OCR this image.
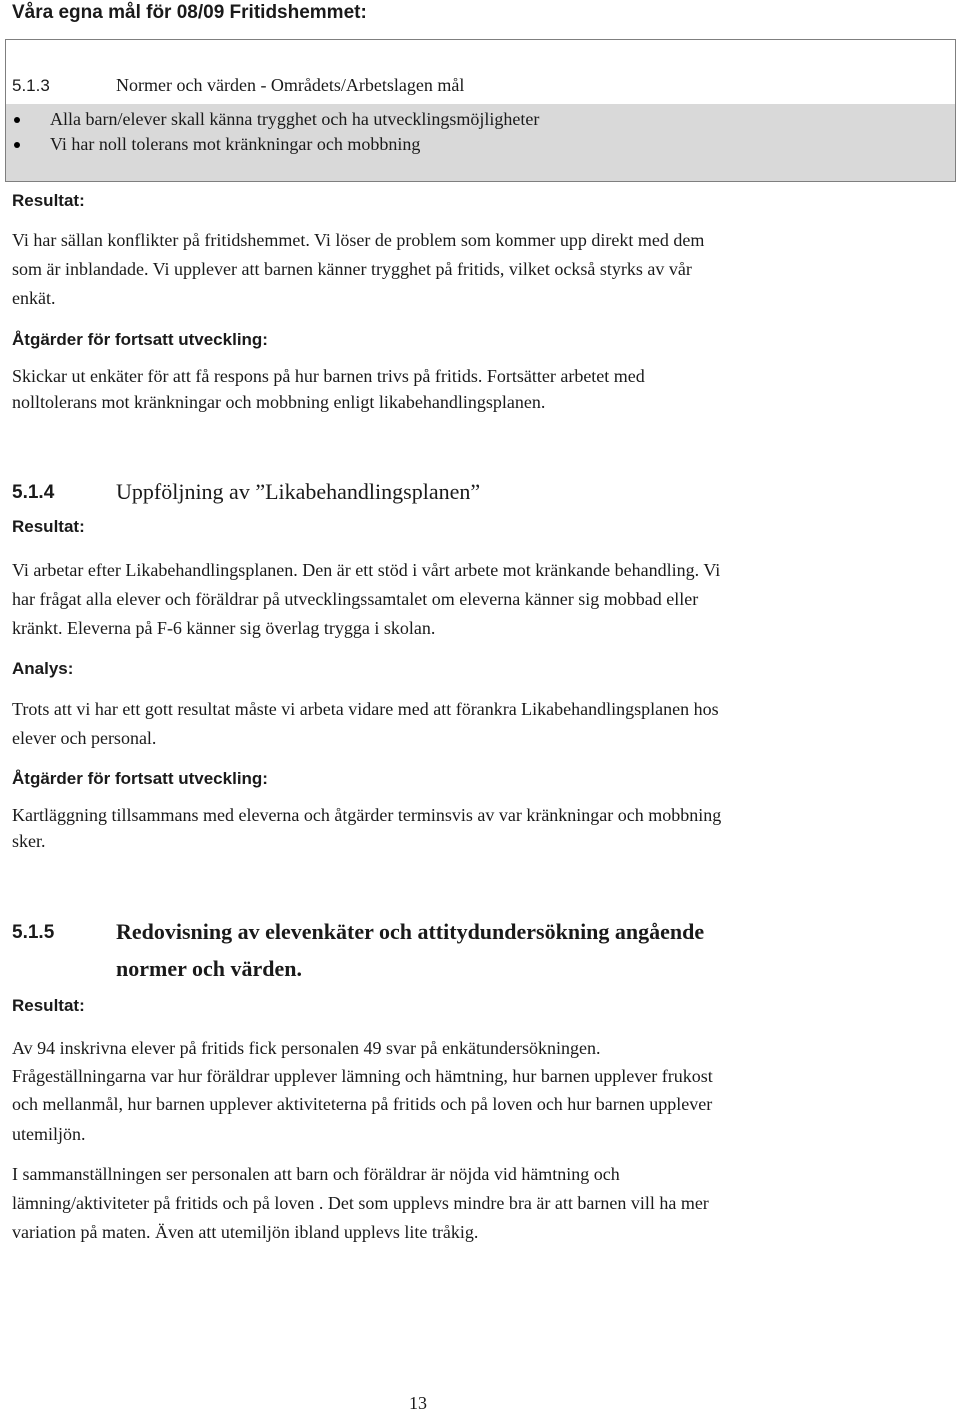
Våra egna mål för 08/09 Fritidshemmet:
5.1.3	Normer och värden - Områdets/Arbetslagen mål
Alla barn/elever skall känna trygghet och ha utvecklingsmöjligheter
Vi har noll tolerans mot kränkningar och mobbning
Resultat:
Vi har sällan konflikter på fritidshemmet. Vi löser de problem som kommer upp direkt med dem
som är inblandade. Vi upplever att barnen känner trygghet på fritids, vilket också styrks av vår
enkät.
Åtgärder för fortsatt utveckling:
Skickar ut enkäter för att få respons på hur barnen trivs på fritids. Fortsätter arbetet med
nolltolerans mot kränkningar och mobbning enligt likabehandlingsplanen.
5.1.4	Uppföljning av ”Likabehandlingsplanen”
Resultat:
Vi arbetar efter Likabehandlingsplanen. Den är ett stöd i vårt arbete mot kränkande behandling. Vi
har frågat alla elever och föräldrar på utvecklingssamtalet om eleverna känner sig mobbad eller
kränkt. Eleverna på F-6 känner sig överlag trygga i skolan.
Analys:
Trots att vi har ett gott resultat måste vi arbeta vidare med att förankra Likabehandlingsplanen hos
elever och personal.
Åtgärder för fortsatt utveckling:
Kartläggning tillsammans med eleverna och åtgärder terminsvis av var kränkningar och mobbning
sker.
5.1.5	Redovisning av elevenkäter och attitydundersökning angående
normer och värden.
Resultat:
Av 94 inskrivna elever på fritids fick personalen 49 svar på enkätundersökningen.
Frågeställningarna var hur föräldrar upplever lämning och hämtning, hur barnen upplever frukost
och mellanmål, hur barnen upplever aktiviteterna på fritids och på loven och hur barnen upplever
utemiljön.
I sammanställningen ser personalen att barn och föräldrar är nöjda vid hämtning och
lämning/aktiviteter på fritids och på loven . Det som upplevs mindre bra är att barnen vill ha mer
variation på maten. Även att utemiljön ibland upplevs lite tråkig.
13
